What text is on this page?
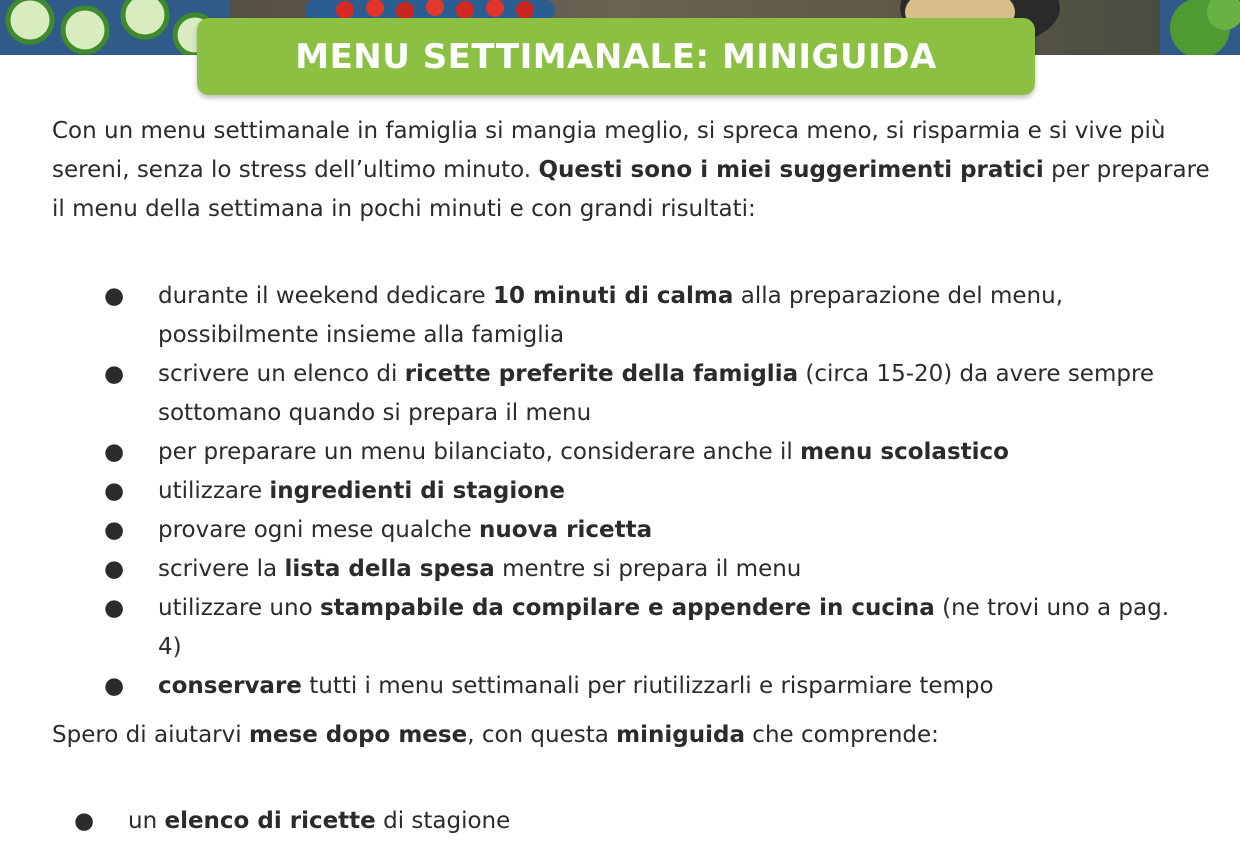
MENU SETTIMANALE: MINIGUIDA

Con un menu settimanale in famiglia si mangia meglio, si spreca meno, si risparmia e si vive più sereni, senza lo stress dell’ultimo minuto. Questi sono i miei suggerimenti pratici per preparare il menu della settimana in pochi minuti e con grandi risultati:

● durante il weekend dedicare 10 minuti di calma alla preparazione del menu, possibilmente insieme alla famiglia
● scrivere un elenco di ricette preferite della famiglia (circa 15-20) da avere sempre sottomano quando si prepara il menu
● per preparare un menu bilanciato, considerare anche il menu scolastico
● utilizzare ingredienti di stagione
● provare ogni mese qualche nuova ricetta
● scrivere la lista della spesa mentre si prepara il menu
● utilizzare uno stampabile da compilare e appendere in cucina (ne trovi uno a pag. 4)
● conservare tutti i menu settimanali per riutilizzarli e risparmiare tempo

Spero di aiutarvi mese dopo mese, con questa miniguida che comprende:

● un elenco di ricette di stagione
